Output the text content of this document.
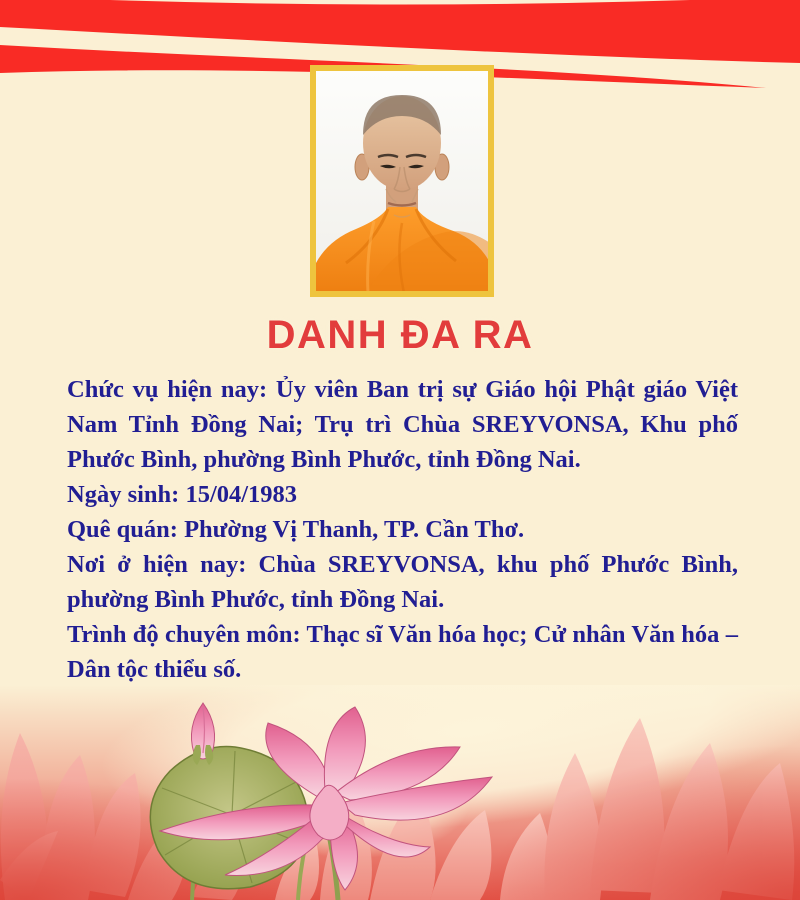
DANH ĐA RA

Chức vụ hiện nay: Ủy viên Ban trị sự Giáo hội Phật giáo Việt Nam Tỉnh Đồng Nai; Trụ trì Chùa SREYVONSA, Khu phố Phước Bình, phường Bình Phước, tỉnh Đồng Nai.

Ngày sinh: 15/04/1983

Quê quán: Phường Vị Thanh, TP. Cần Thơ.

Nơi ở hiện nay: Chùa SREYVONSA, khu phố Phước Bình, phường Bình Phước, tỉnh Đồng Nai.

Trình độ chuyên môn: Thạc sĩ Văn hóa học; Cử nhân Văn hóa – Dân tộc thiểu số.
